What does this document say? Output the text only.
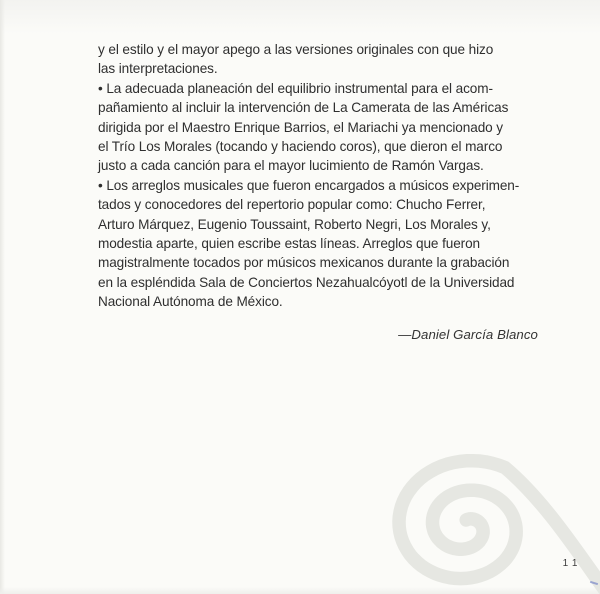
y el estilo y el mayor apego a las versiones originales con que hizo
las interpretaciones.
• La adecuada planeación del equilibrio instrumental para el acom-
pañamiento al incluir la intervención de La Camerata de las Américas
dirigida por el Maestro Enrique Barrios, el Mariachi ya mencionado y
el Trío Los Morales (tocando y haciendo coros), que dieron el marco
justo a cada canción para el mayor lucimiento de Ramón Vargas.
• Los arreglos musicales que fueron encargados a músicos experimen-
tados y conocedores del repertorio popular como: Chucho Ferrer,
Arturo Márquez, Eugenio Toussaint, Roberto Negri, Los Morales y,
modestia aparte, quien escribe estas líneas. Arreglos que fueron
magistralmente tocados por músicos mexicanos durante la grabación
en la espléndida Sala de Conciertos Nezahualcóyotl de la Universidad
Nacional Autónoma de México.
—Daniel García Blanco
11
